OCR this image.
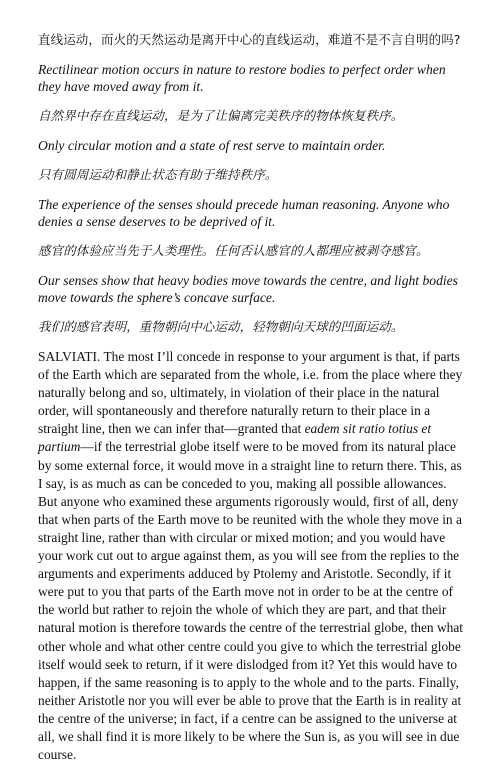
直线运动，而火的天然运动是离开中心的直线运动，难道不是不言自明的吗?

Rectilinear motion occurs in nature to restore bodies to perfect order when they have moved away from it.

自然界中存在直线运动，是为了让偏离完美秩序的物体恢复秩序。

Only circular motion and a state of rest serve to maintain order.

只有圆周运动和静止状态有助于维持秩序。

The experience of the senses should precede human reasoning. Anyone who denies a sense deserves to be deprived of it.

感官的体验应当先于人类理性。任何否认感官的人都理应被剥夺感官。

Our senses show that heavy bodies move towards the centre, and light bodies move towards the sphere’s concave surface.

我们的感官表明，重物朝向中心运动，轻物朝向天球的凹面运动。

SALVIATI. The most I’ll concede in response to your argument is that, if parts of the Earth which are separated from the whole, i.e. from the place where they naturally belong and so, ultimately, in violation of their place in the natural order, will spontaneously and therefore naturally return to their place in a straight line, then we can infer that—granted that eadem sit ratio totius et partium—if the terrestrial globe itself were to be moved from its natural place by some external force, it would move in a straight line to return there. This, as I say, is as much as can be conceded to you, making all possible allowances. But anyone who examined these arguments rigorously would, first of all, deny that when parts of the Earth move to be reunited with the whole they move in a straight line, rather than with circular or mixed motion; and you would have your work cut out to argue against them, as you will see from the replies to the arguments and experiments adduced by Ptolemy and Aristotle. Secondly, if it were put to you that parts of the Earth move not in order to be at the centre of the world but rather to rejoin the whole of which they are part, and that their natural motion is therefore towards the centre of the terrestrial globe, then what other whole and what other centre could you give to which the terrestrial globe itself would seek to return, if it were dislodged from it? Yet this would have to happen, if the same reasoning is to apply to the whole and to the parts. Finally, neither Aristotle nor you will ever be able to prove that the Earth is in reality at the centre of the universe; in fact, if a centre can be assigned to the universe at all, we shall find it is more likely to be where the Sun is, as you will see in due course.
